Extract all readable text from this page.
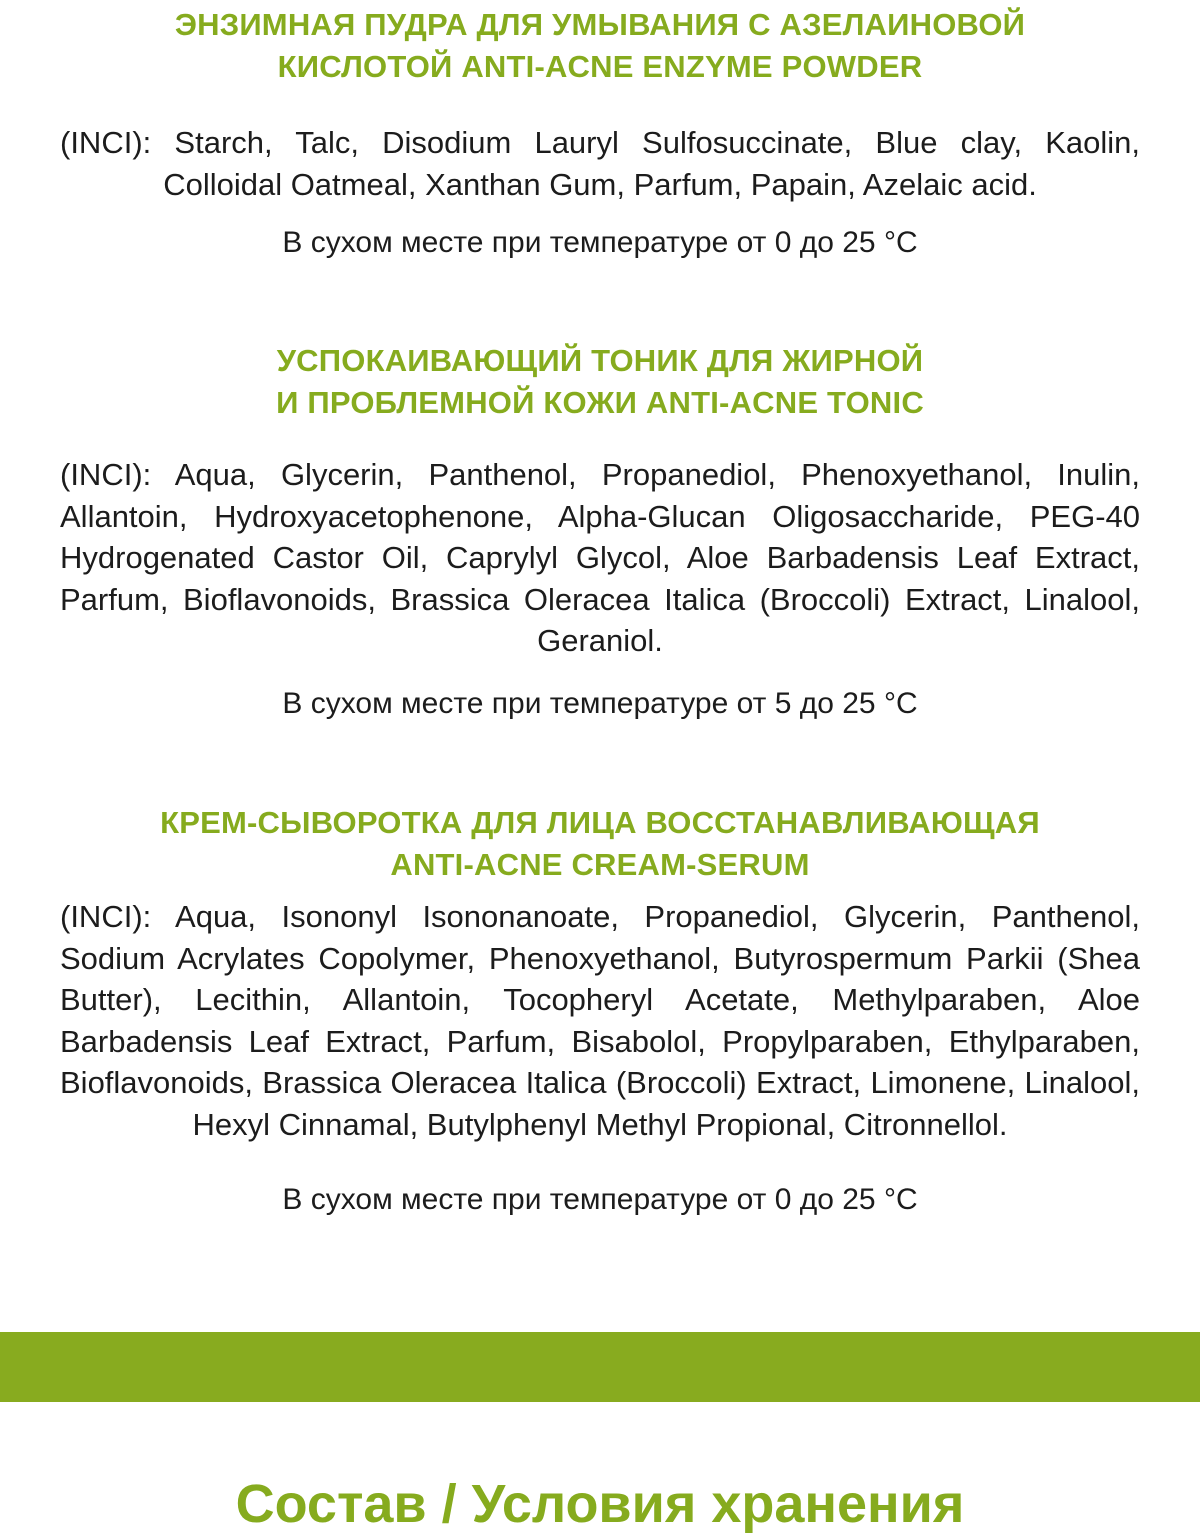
ЭНЗИМНАЯ ПУДРА ДЛЯ УМЫВАНИЯ С АЗЕЛАИНОВОЙ
КИСЛОТОЙ ANTI-ACNE ENZYME POWDER

(INCI): Starch, Talc, Disodium Lauryl Sulfosuccinate, Blue clay, Kaolin, Colloidal Oatmeal, Xanthan Gum, Parfum, Papain, Azelaic acid.

В сухом месте при температуре от 0 до 25 °C

УСПОКАИВАЮЩИЙ ТОНИК ДЛЯ ЖИРНОЙ
И ПРОБЛЕМНОЙ КОЖИ ANTI-ACNE TONIC

(INCI): Aqua, Glycerin, Panthenol, Propanediol, Phenoxyethanol, Inulin, Allantoin, Hydroxyacetophenone, Alpha-Glucan Oligosaccharide, PEG-40 Hydrogenated Castor Oil, Caprylyl Glycol, Aloe Barbadensis Leaf Extract, Parfum, Bioflavonoids, Brassica Oleracea Italica (Broccoli) Extract, Linalool, Geraniol.

В сухом месте при температуре от 5 до 25 °C

КРЕМ-СЫВОРОТКА ДЛЯ ЛИЦА ВОССТАНАВЛИВАЮЩАЯ
ANTI-ACNE CREAM-SERUM

(INCI): Aqua, Isononyl Isononanoate, Propanediol, Glycerin, Panthenol, Sodium Acrylates Copolymer, Phenoxyethanol, Butyrospermum Parkii (Shea Butter), Lecithin, Allantoin, Tocopheryl Acetate, Methylparaben, Aloe Barbadensis Leaf Extract, Parfum, Bisabolol, Propylparaben, Ethylparaben, Bioflavonoids, Brassica Oleracea Italica (Broccoli) Extract, Limonene, Linalool, Hexyl Cinnamal, Butylphenyl Methyl Propional, Citronnellol.

В сухом месте при температуре от 0 до 25 °C

Состав / Условия хранения
